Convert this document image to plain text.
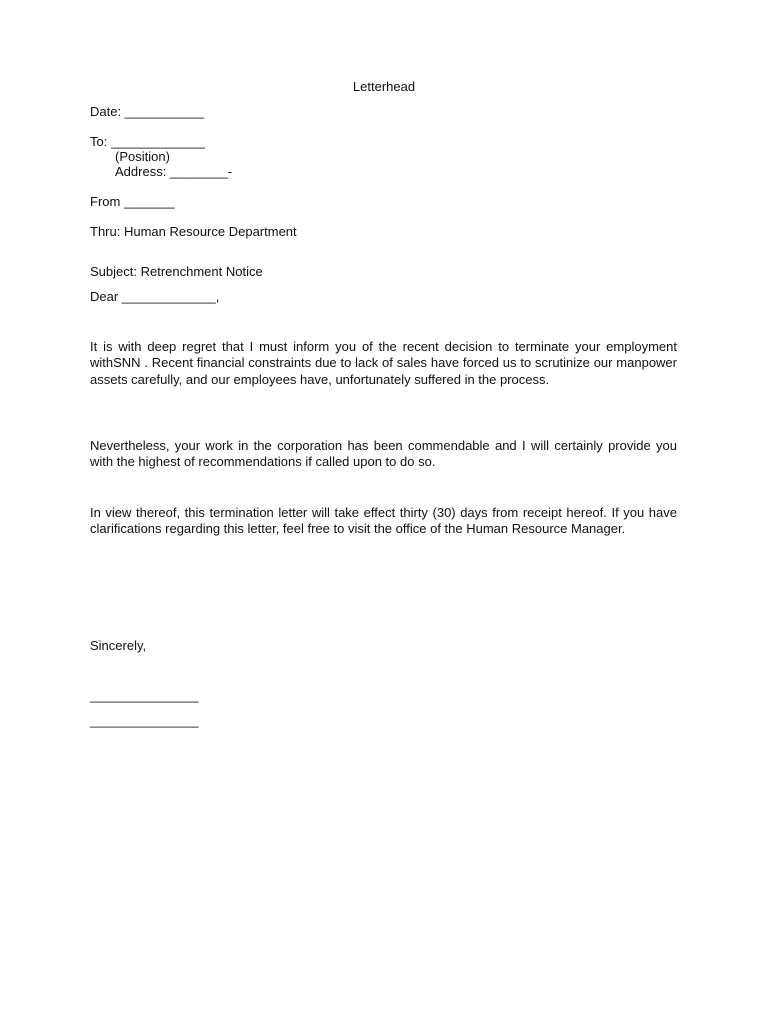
Letterhead
Date: ___________
To: _____________
(Position)
Address: ________-
From _______
Thru: Human Resource Department
Subject: Retrenchment Notice
Dear _____________,
It is with deep regret that I must inform you of the recent decision to terminate your employment withSNN . Recent financial constraints due to lack of sales have forced us to scrutinize our manpower assets carefully, and our employees have, unfortunately suffered in the process.
Nevertheless, your work in the corporation has been commendable and I will certainly provide you with the highest of recommendations if called upon to do so.
In view thereof, this termination letter will take effect thirty (30) days from receipt hereof. If you have clarifications regarding this letter, feel free to visit the office of the Human Resource Manager.
Sincerely,
_______________
_______________
